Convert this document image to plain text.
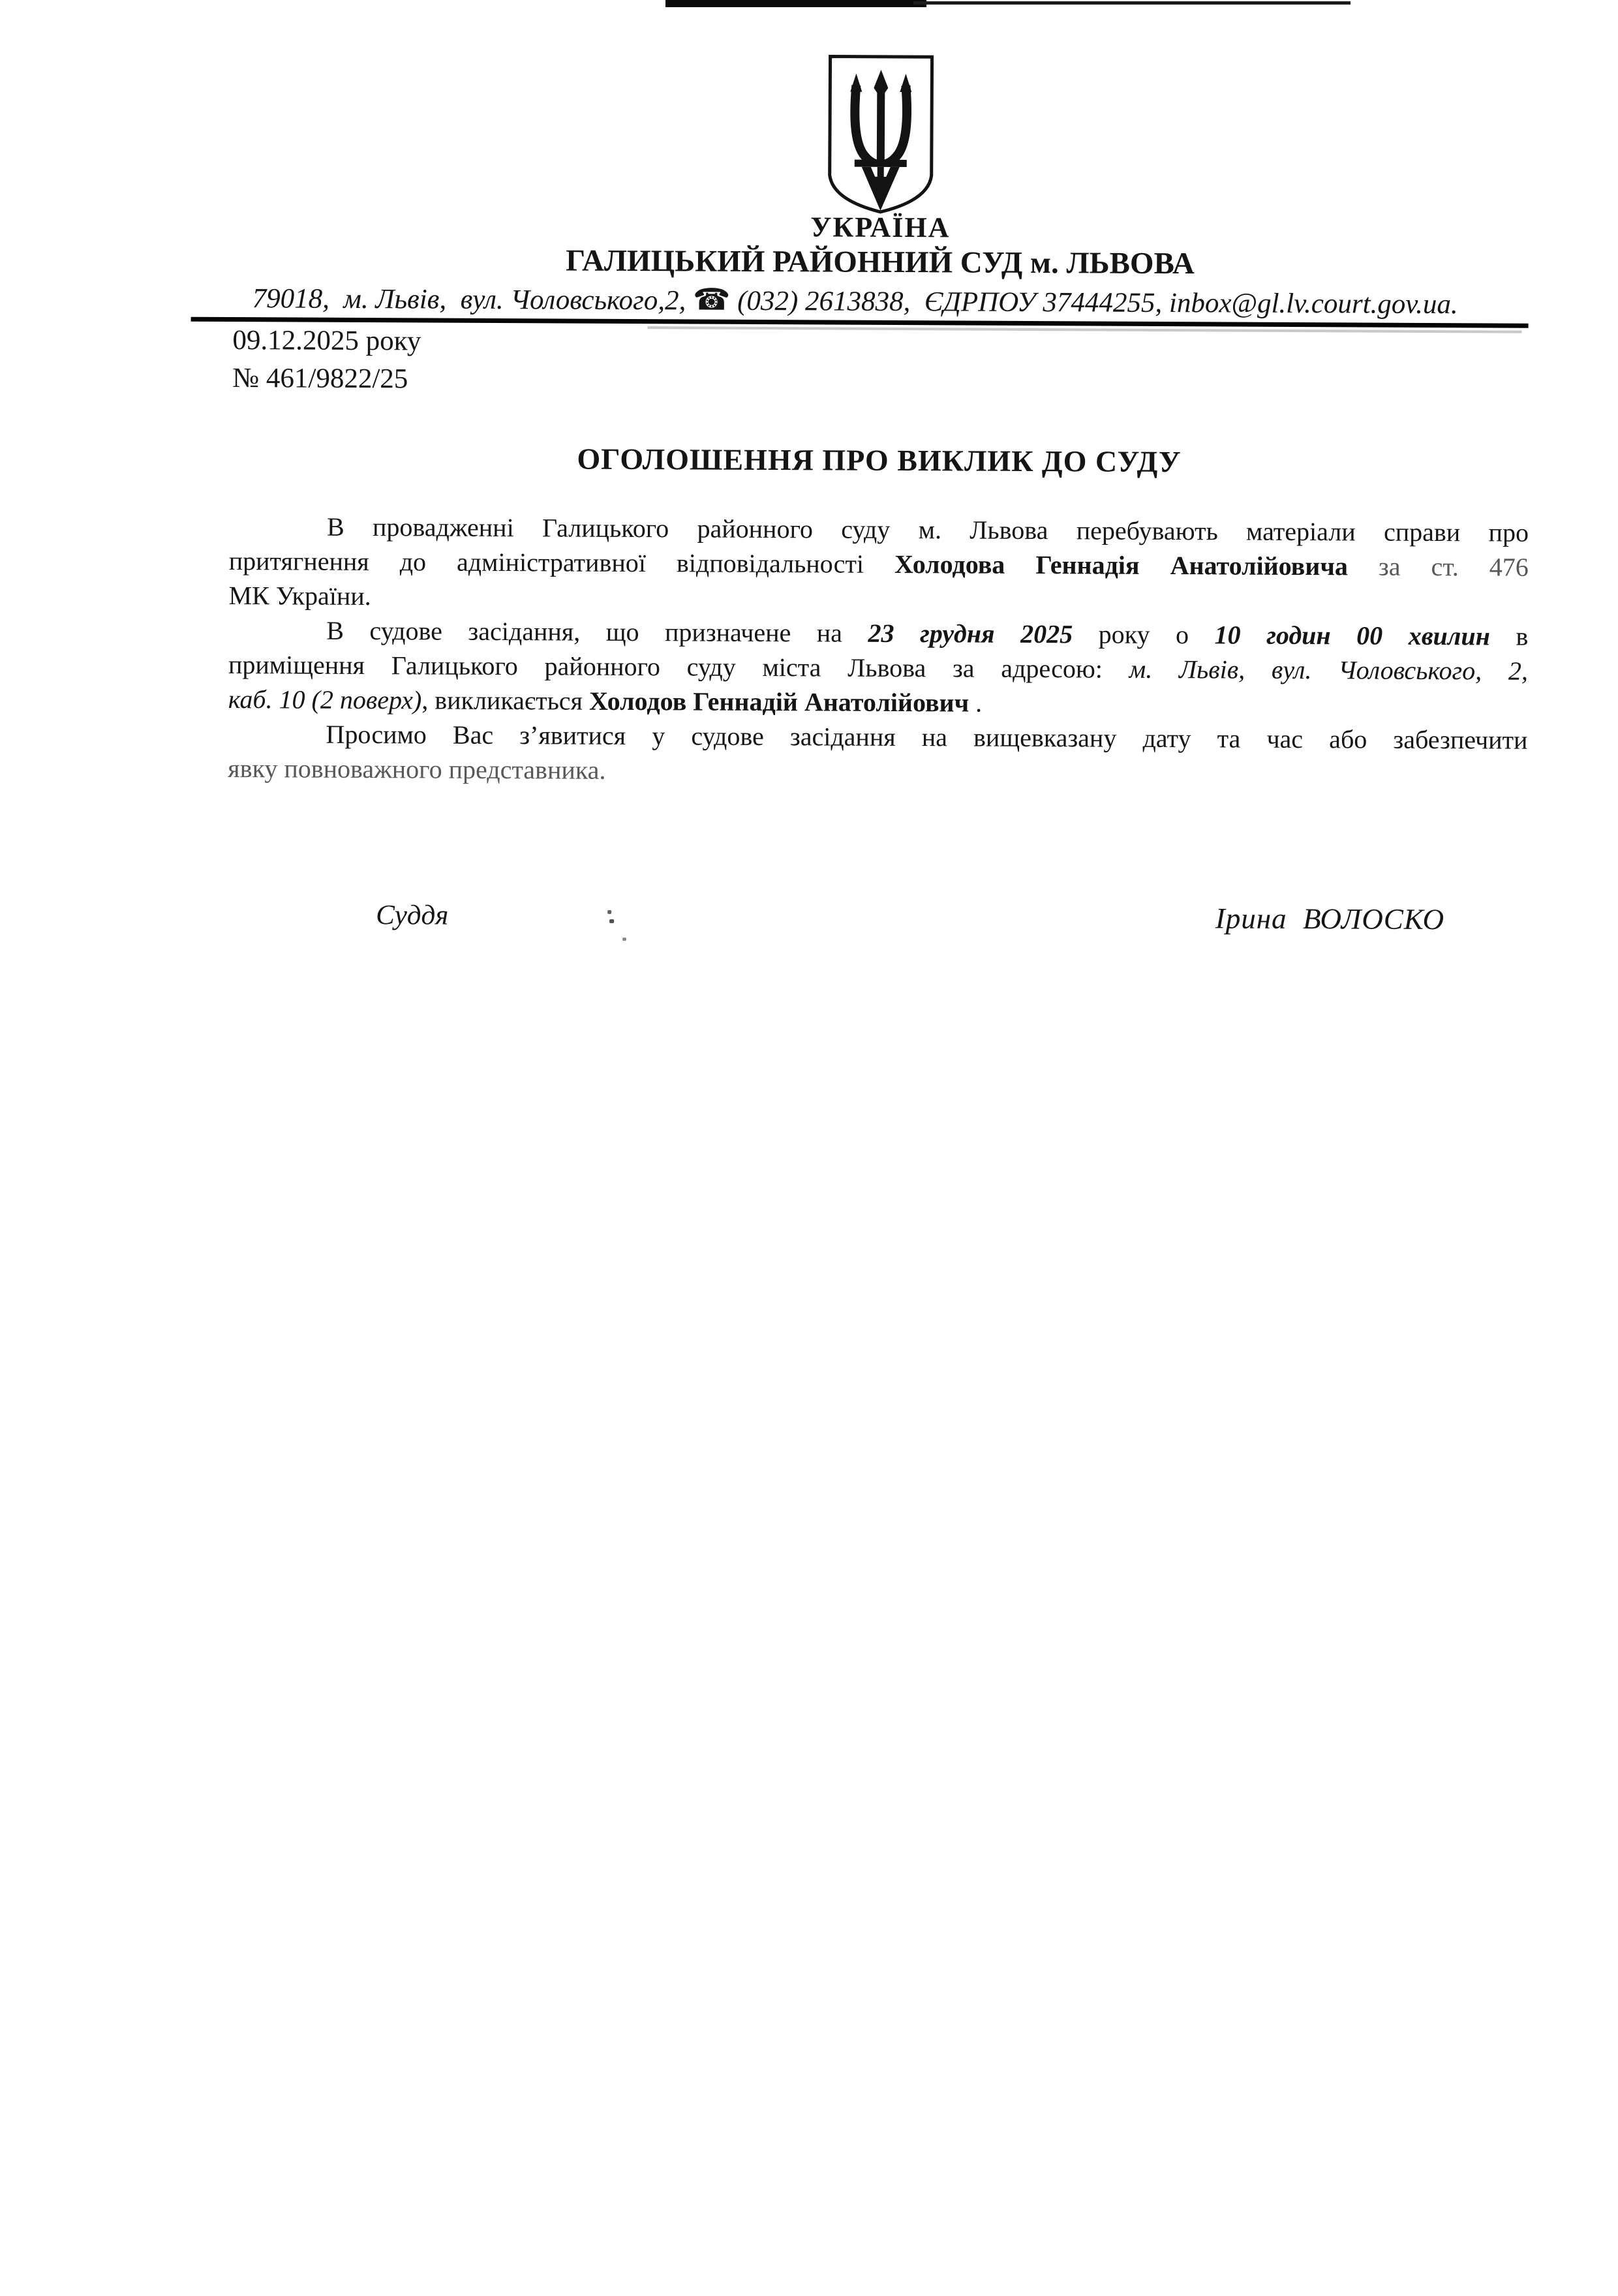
УКРАЇНА
ГАЛИЦЬКИЙ РАЙОННИЙ СУД м. ЛЬВОВА
79018,  м. Львів,  вул. Чоловського,2, ☎ (032) 2613838,  ЄДРПОУ 37444255, inbox@gl.lv.court.gov.ua.
09.12.2025 року
№ 461/9822/25
ОГОЛОШЕННЯ ПРО ВИКЛИК ДО СУДУ
В провадженні Галицького районного суду м. Львова перебувають матеріали справи про
притягнення до адміністративної відповідальності Холодова Геннадія Анатолійовича за ст. 476
МК України.
В судове засідання, що призначене на 23 грудня 2025 року о 10 годин 00 хвилин в
приміщення Галицького районного суду міста Львова за адресою: м. Львів, вул. Чоловського, 2,
каб. 10 (2 поверх), викликається Холодов Геннадій Анатолійович .
Просимо Вас з’явитися у судове засідання на вищевказану дату та час або забезпечити
явку повноважного представника.
Суддя	Ірина  ВОЛОСКО
